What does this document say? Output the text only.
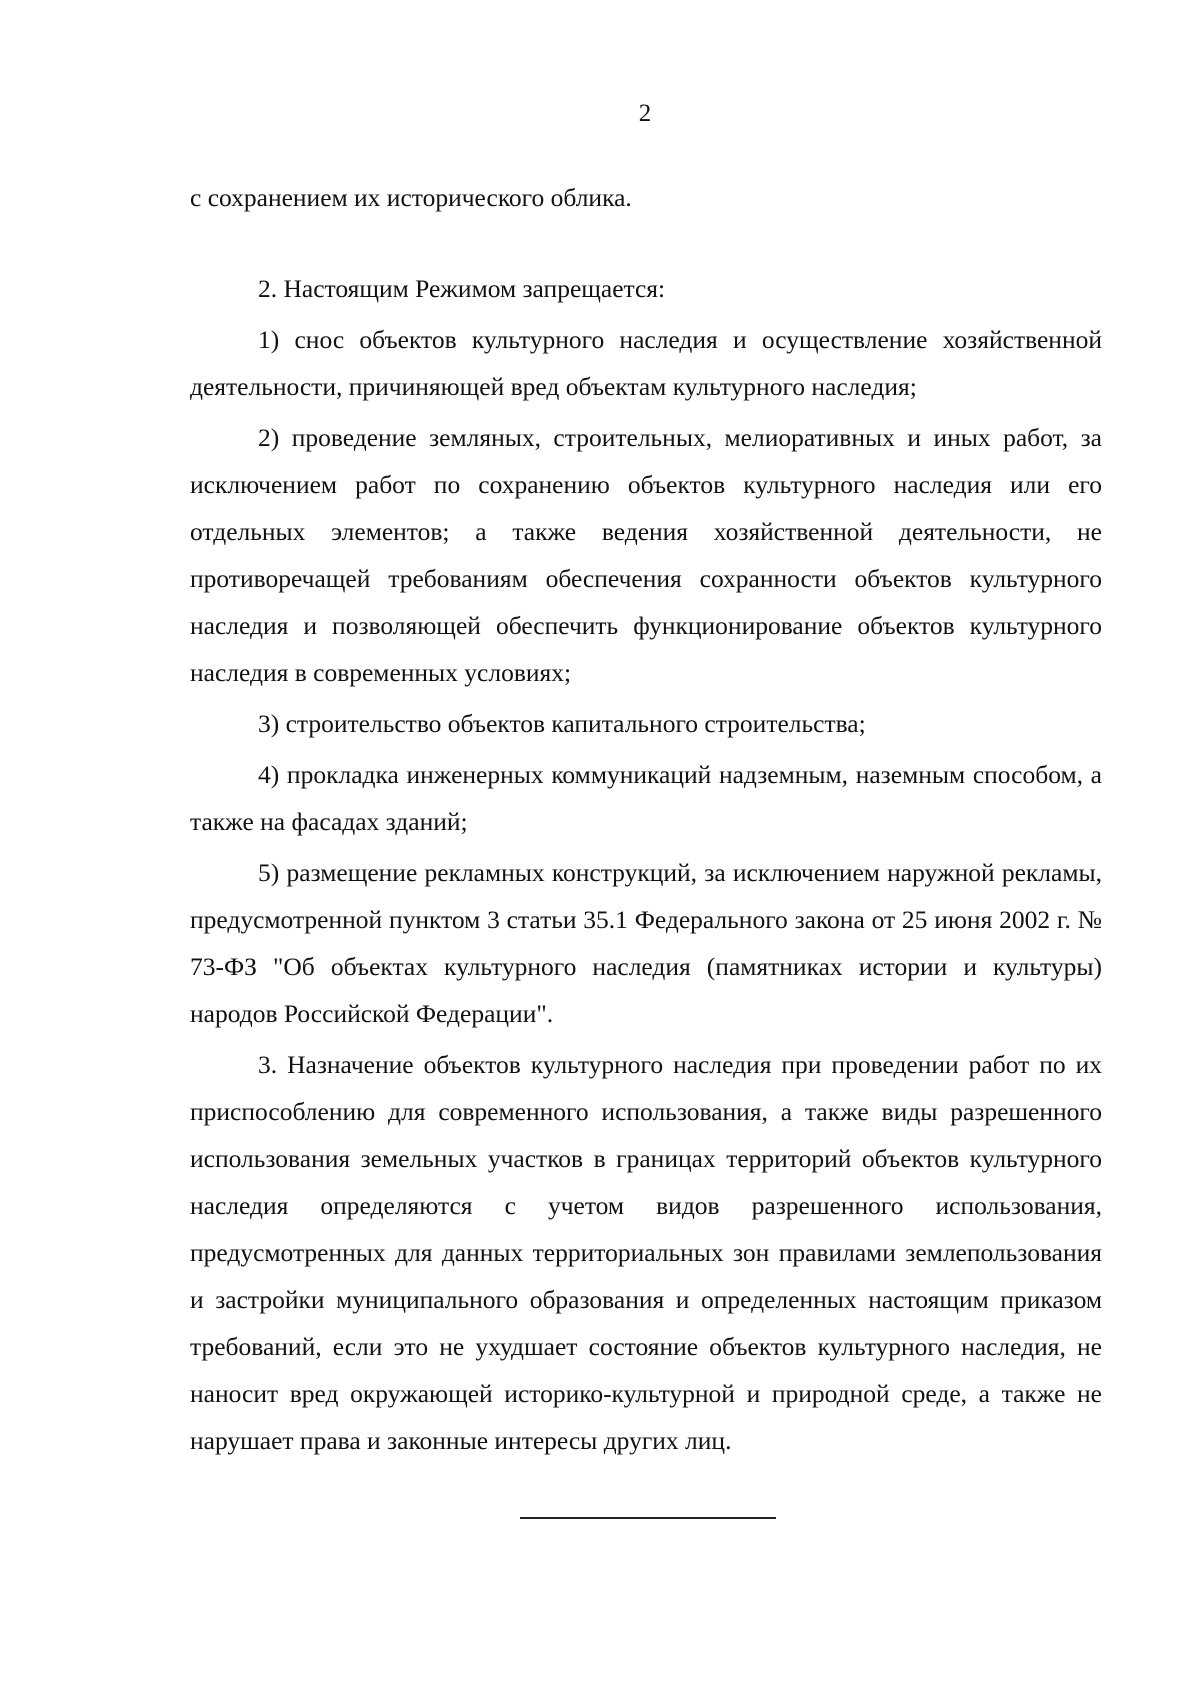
2

с сохранением их исторического облика.

2. Настоящим Режимом запрещается:

1) снос объектов культурного наследия и осуществление хозяйственной деятельности, причиняющей вред объектам культурного наследия;

2) проведение земляных, строительных, мелиоративных и иных работ, за исключением работ по сохранению объектов культурного наследия или его отдельных элементов; а также ведения хозяйственной деятельности, не противоречащей требованиям обеспечения сохранности объектов культурного наследия и позволяющей обеспечить функционирование объектов культурного наследия в современных условиях;

3) строительство объектов капитального строительства;

4) прокладка инженерных коммуникаций надземным, наземным способом, а также на фасадах зданий;

5) размещение рекламных конструкций, за исключением наружной рекламы, предусмотренной пунктом 3 статьи 35.1 Федерального закона от 25 июня 2002 г. № 73-ФЗ "Об объектах культурного наследия (памятниках истории и культуры) народов Российской Федерации".

3. Назначение объектов культурного наследия при проведении работ по их приспособлению для современного использования, а также виды разрешенного использования земельных участков в границах территорий объектов культурного наследия определяются с учетом видов разрешенного использования, предусмотренных для данных территориальных зон правилами землепользования и застройки муниципального образования и определенных настоящим приказом требований, если это не ухудшает состояние объектов культурного наследия, не наносит вред окружающей историко-культурной и природной среде, а также не нарушает права и законные интересы других лиц.
